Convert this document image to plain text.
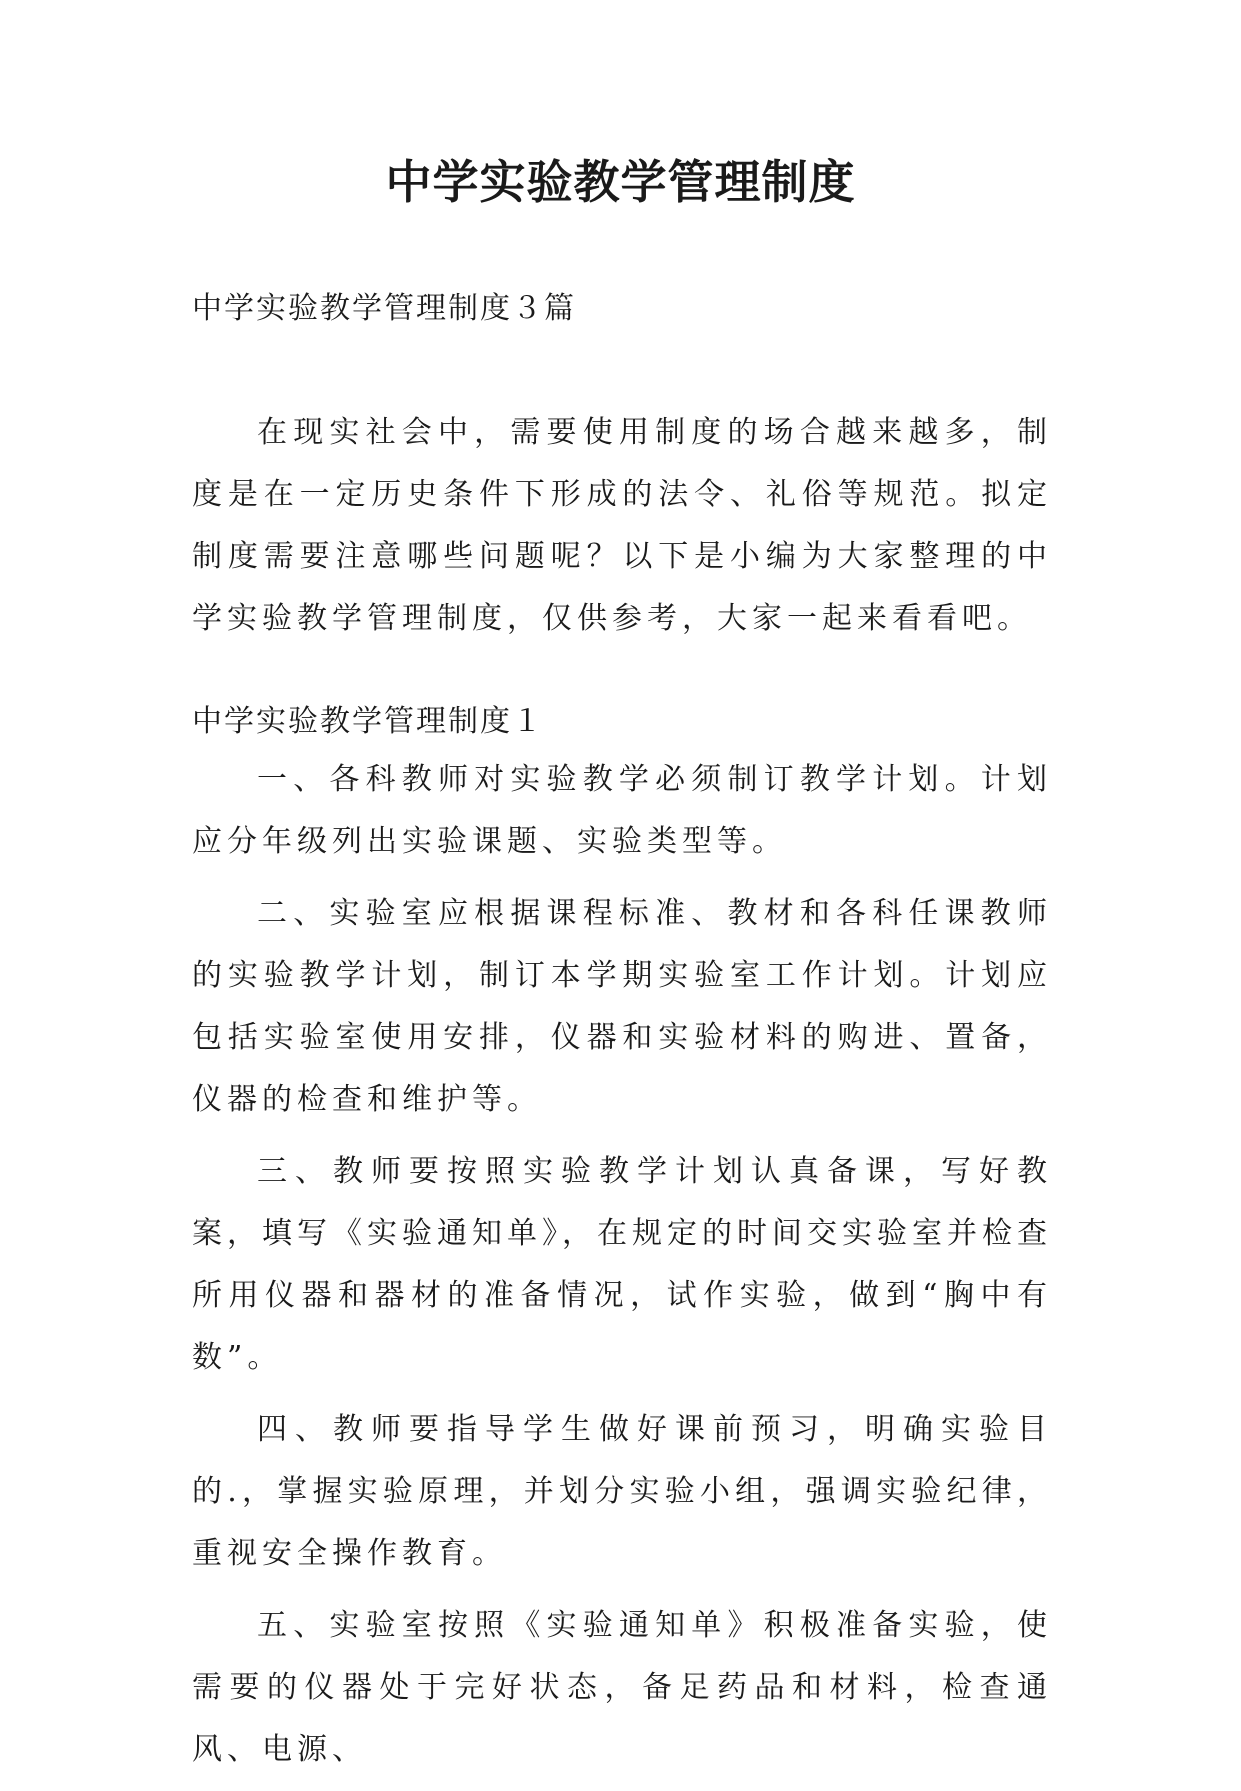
中学实验教学管理制度

中学实验教学管理制度３篇

在现实社会中，需要使用制度的场合越来越多，制度是在一定历史条件下形成的法令、礼俗等规范。拟定制度需要注意哪些问题呢？以下是小编为大家整理的中学实验教学管理制度，仅供参考，大家一起来看看吧。

中学实验教学管理制度１

一、各科教师对实验教学必须制订教学计划。计划应分年级列出实验课题、实验类型等。

二、实验室应根据课程标准、教材和各科任课教师的实验教学计划，制订本学期实验室工作计划。计划应包括实验室使用安排，仪器和实验材料的购进、置备，仪器的检查和维护等。

三、教师要按照实验教学计划认真备课，写好教案，填写《实验通知单》，在规定的时间交实验室并检查所用仪器和器材的准备情况，试作实验，做到“胸中有数”。

四、教师要指导学生做好课前预习，明确实验目的.，掌握实验原理，并划分实验小组，强调实验纪律，重视安全操作教育。

五、实验室按照《实验通知单》积极准备实验，使需要的仪器处于完好状态，备足药品和材料，检查通风、电源、
